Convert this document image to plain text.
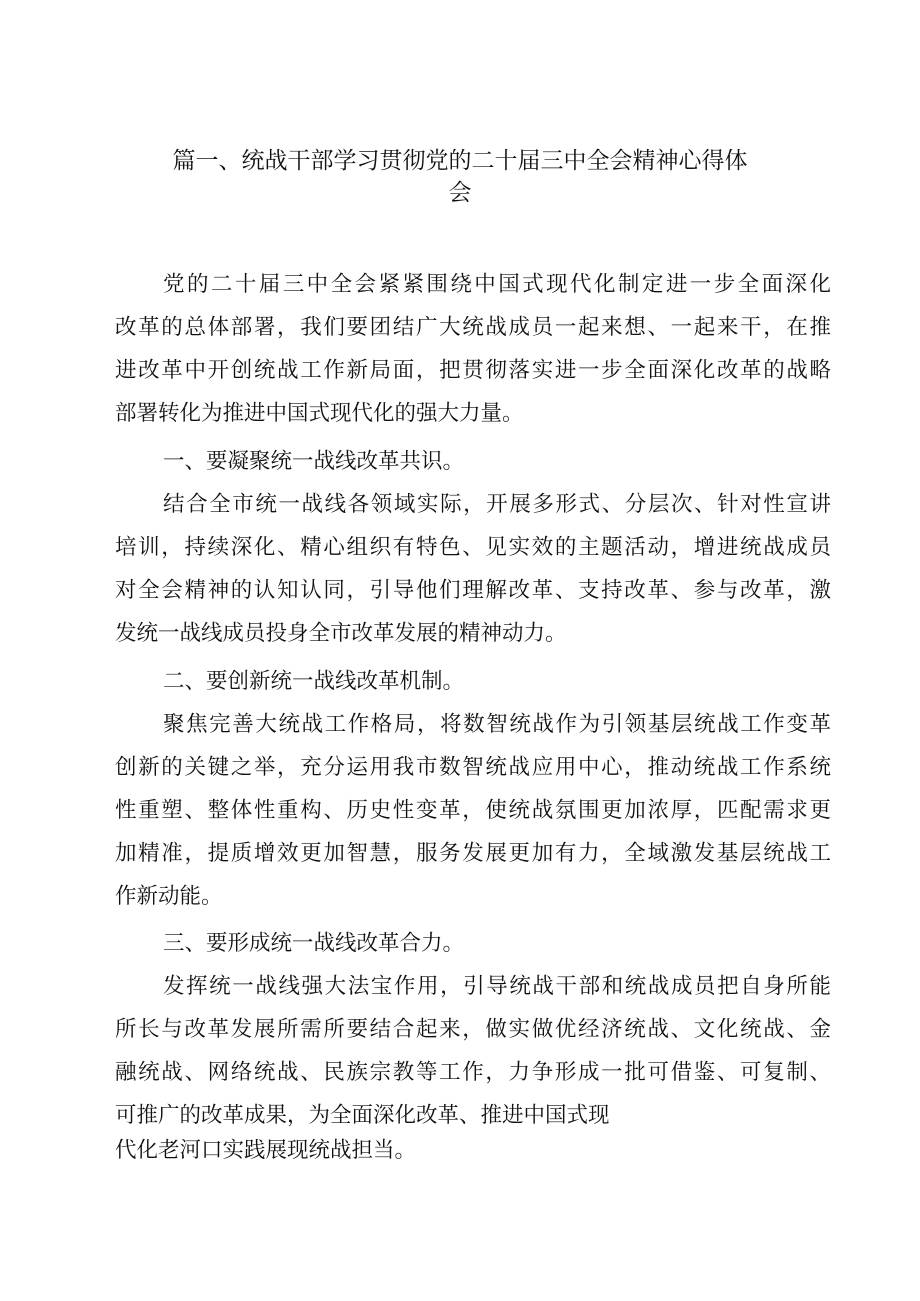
篇一、统战干部学习贯彻党的二十届三中全会精神心得体
会
党的二十届三中全会紧紧围绕中国式现代化制定进一步全面深化
改革的总体部署，我们要团结广大统战成员一起来想、一起来干，在推
进改革中开创统战工作新局面，把贯彻落实进一步全面深化改革的战略
部署转化为推进中国式现代化的强大力量。
一、要凝聚统一战线改革共识。
结合全市统一战线各领域实际，开展多形式、分层次、针对性宣讲
培训，持续深化、精心组织有特色、见实效的主题活动，增进统战成员
对全会精神的认知认同，引导他们理解改革、支持改革、参与改革，激
发统一战线成员投身全市改革发展的精神动力。
二、要创新统一战线改革机制。
聚焦完善大统战工作格局，将数智统战作为引领基层统战工作变革
创新的关键之举，充分运用我市数智统战应用中心，推动统战工作系统
性重塑、整体性重构、历史性变革，使统战氛围更加浓厚，匹配需求更
加精准，提质增效更加智慧，服务发展更加有力，全域激发基层统战工
作新动能。
三、要形成统一战线改革合力。
发挥统一战线强大法宝作用，引导统战干部和统战成员把自身所能
所长与改革发展所需所要结合起来，做实做优经济统战、文化统战、金
融统战、网络统战、民族宗教等工作，力争形成一批可借鉴、可复制、
可推广的改革成果，为全面深化改革、推进中国式现
代化老河口实践展现统战担当。
